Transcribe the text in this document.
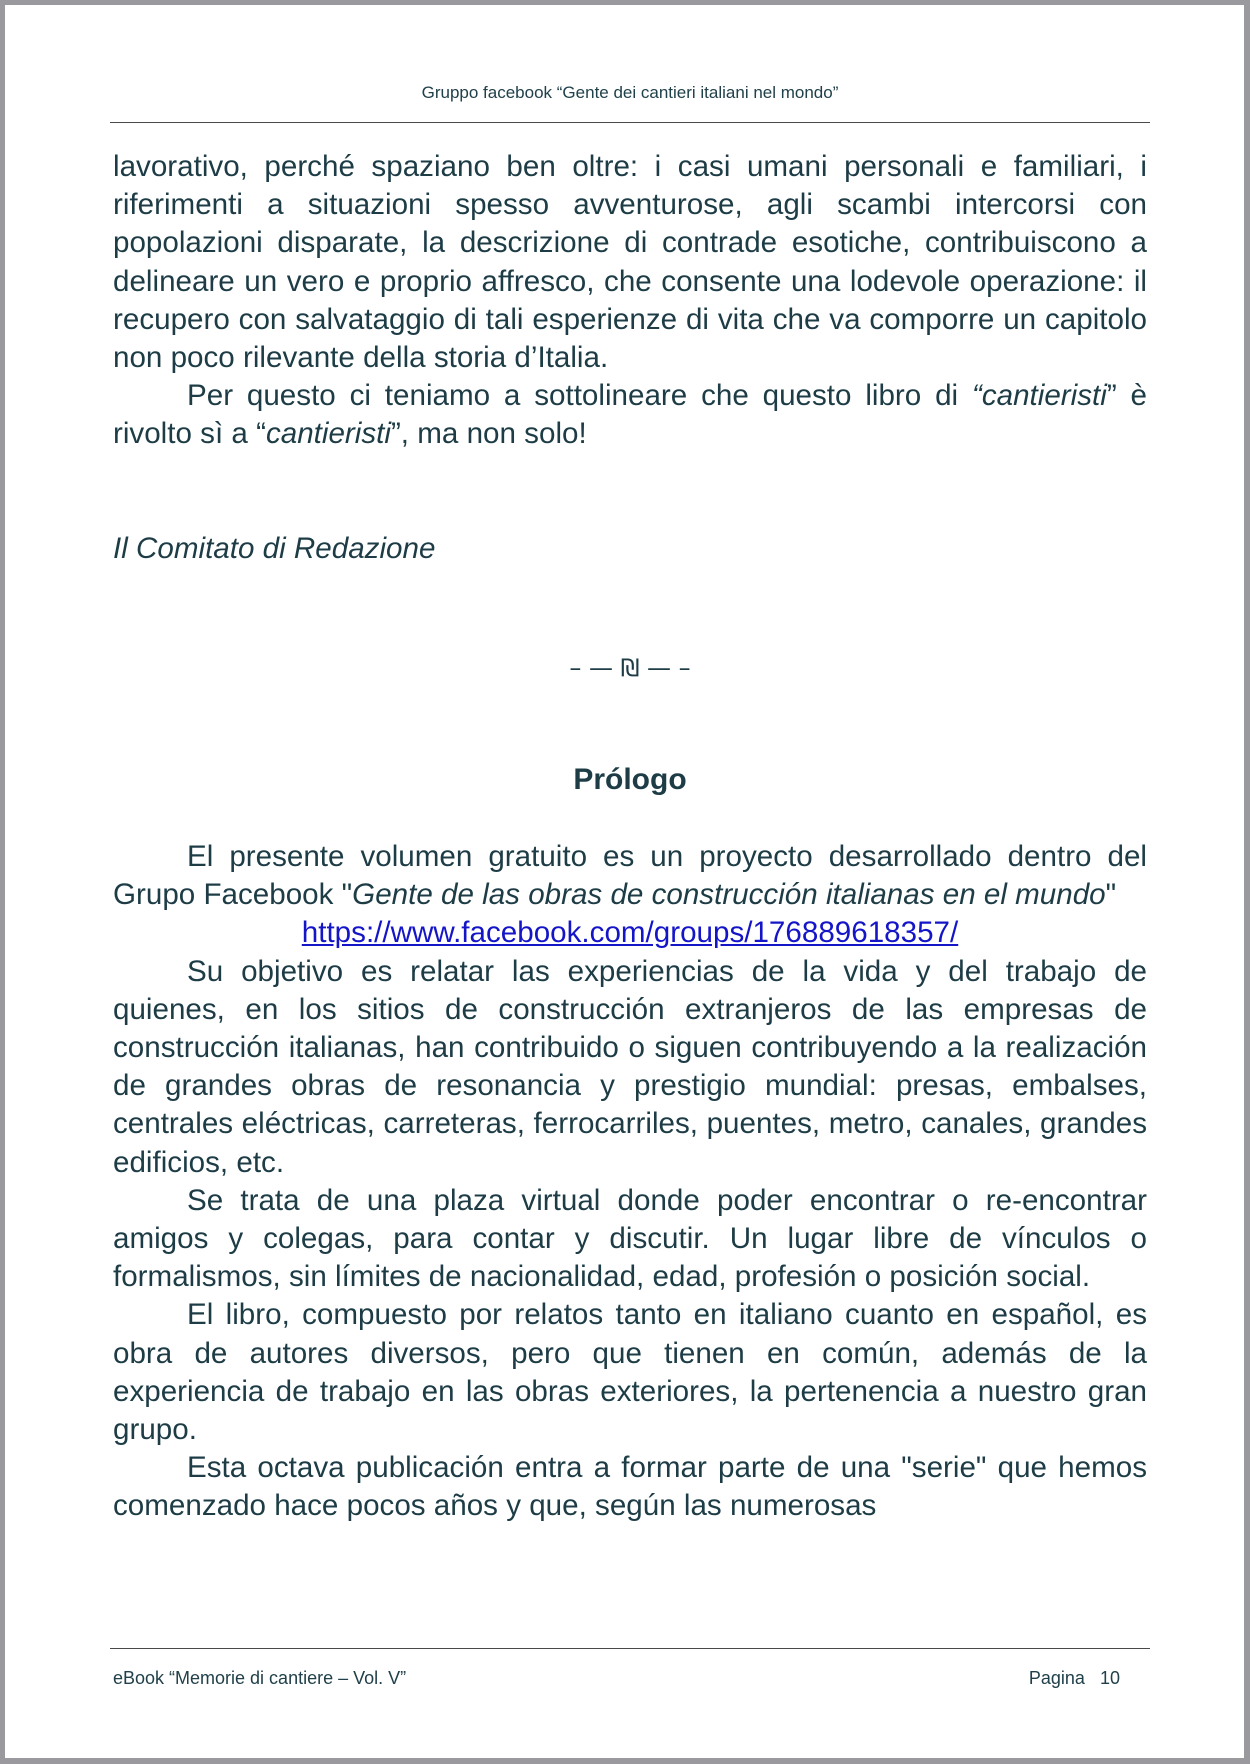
Gruppo facebook “Gente dei cantieri italiani nel mondo”

lavorativo, perché spaziano ben oltre: i casi umani personali e familiari, i riferimenti a situazioni spesso avventurose, agli scambi intercorsi con popolazioni disparate, la descrizione di contrade esotiche, contribuiscono a delineare un vero e proprio affresco, che consente una lodevole operazione: il recupero con salvataggio di tali esperienze di vita che va comporre un capitolo non poco rilevante della storia d’Italia.

Per questo ci teniamo a sottolineare che questo libro di “cantieristi” è rivolto sì a “cantieristi”, ma non solo!

Il Comitato di Redazione
– — ₪ — –
Prólogo

El presente volumen gratuito es un proyecto desarrollado dentro del Grupo Facebook "Gente de las obras de construcción italianas en el mundo"

https://www.facebook.com/groups/176889618357/

Su objetivo es relatar las experiencias de la vida y del trabajo de quienes, en los sitios de construcción extranjeros de las empresas de construcción italianas, han contribuido o siguen contribuyendo a la realización de grandes obras de resonancia y prestigio mundial: presas, embalses, centrales eléctricas, carreteras, ferrocarriles, puentes, metro, canales, grandes edificios, etc.

Se trata de una plaza virtual donde poder encontrar o re-encontrar amigos y colegas, para contar y discutir. Un lugar libre de vínculos o formalismos, sin límites de nacionalidad, edad, profesión o posición social.

El libro, compuesto por relatos tanto en italiano cuanto en español, es obra de autores diversos, pero que tienen en común, además de la experiencia de trabajo en las obras exteriores, la pertenencia a nuestro gran grupo.

Esta octava publicación entra a formar parte de una "serie" que hemos comenzado hace pocos años y que, según las numerosas

eBook “Memorie di cantiere – Vol. V”	Pagina 10
